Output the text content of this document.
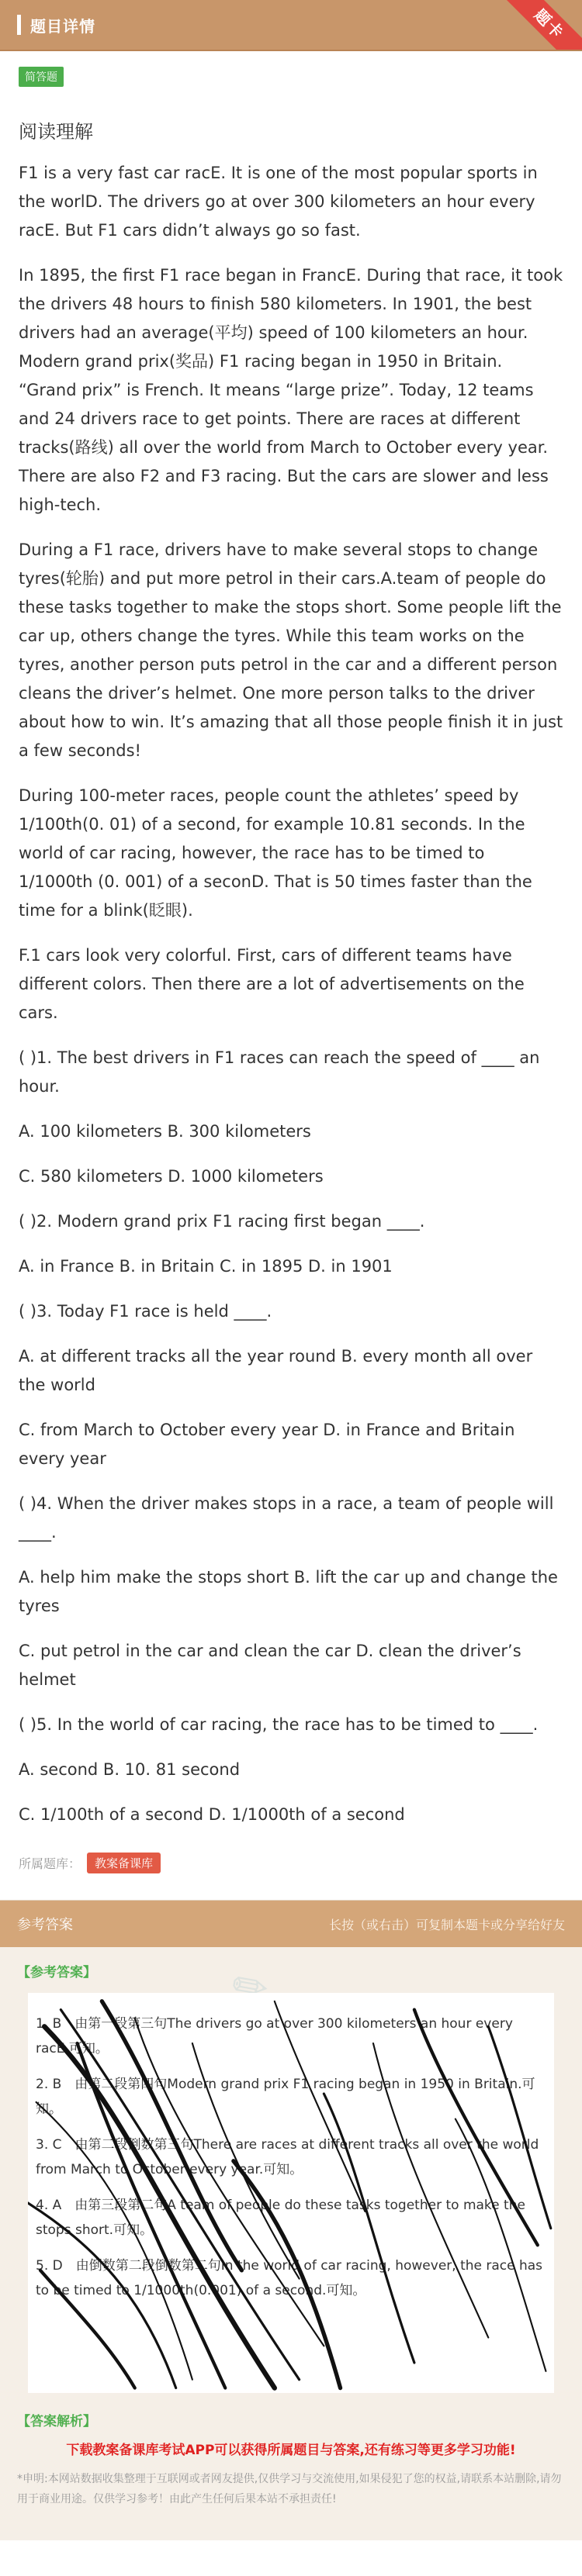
题目详情	题卡
简答题
阅读理解

F1 is a very fast car racE. It is one of the most popular sports in the worlD. The drivers go at over 300 kilometers an hour every racE. But F1 cars didn’t always go so fast.

In 1895, the first F1 race began in FrancE. During that race, it took the drivers 48 hours to finish 580 kilometers. In 1901, the best drivers had an average(平均) speed of 100 kilometers an hour. Modern grand prix(奖品) F1 racing began in 1950 in Britain. “Grand prix” is French. It means “large prize”. Today, 12 teams and 24 drivers race to get points. There are races at different tracks(路线) all over the world from March to October every year. There are also F2 and F3 racing. But the cars are slower and less high-tech.

During a F1 race, drivers have to make several stops to change tyres(轮胎) and put more petrol in their cars.A.team of people do these tasks together to make the stops short. Some people lift the car up, others change the tyres. While this team works on the tyres, another person puts petrol in the car and a different person cleans the driver’s helmet. One more person talks to the driver about how to win. It’s amazing that all those people finish it in just a few seconds!

During 100-meter races, people count the athletes’ speed by 1/100th(0. 01) of a second, for example 10.81 seconds. In the world of car racing, however, the race has to be timed to 1/1000th (0. 001) of a seconD. That is 50 times faster than the time for a blink(眨眼).

F.1 cars look very colorful. First, cars of different teams have different colors. Then there are a lot of advertisements on the cars.

( )1. The best drivers in F1 races can reach the speed of ____ an hour.

A. 100 kilometers B. 300 kilometers

C. 580 kilometers D. 1000 kilometers

( )2. Modern grand prix F1 racing first began ____.

A. in France B. in Britain C. in 1895 D. in 1901

( )3. Today F1 race is held ____.

A. at different tracks all the year round B. every month all over the world

C. from March to October every year D. in France and Britain every year

( )4. When the driver makes stops in a race, a team of people will ____.

A. help him make the stops short B. lift the car up and change the tyres

C. put petrol in the car and clean the car D. clean the driver’s helmet

( )5. In the world of car racing, the race has to be timed to ____.

A. second B. 10. 81 second

C. 1/100th of a second D. 1/1000th of a second

所属题库：	教案备课库
✎
参考答案	长按（或右击）可复制本题卡或分享给好友
【参考答案】
1. B　由第一段第三句The drivers go at over 300 kilometers an hour every racE.可知。
2. B　由第二段第四句Modern grand prix F1 racing began in 1950 in Britain.可知。
3. C　由第二段倒数第三句There are races at different tracks all over the world from March to October every year.可知。
4. A　由第三段第二句A team of people do these tasks together to make the stops short.可知。
5. D　由倒数第二段倒数第二句In the world of car racing, however, the race has to be timed to 1/1000th(0.001) of a second.可知。
【答案解析】
下载教案备课库考试APP可以获得所属题目与答案,还有练习等更多学习功能!
*申明:本网站数据收集整理于互联网或者网友提供,仅供学习与交流使用,如果侵犯了您的权益,请联系本站删除,请勿用于商业用途。仅供学习参考！由此产生任何后果本站不承担责任!
